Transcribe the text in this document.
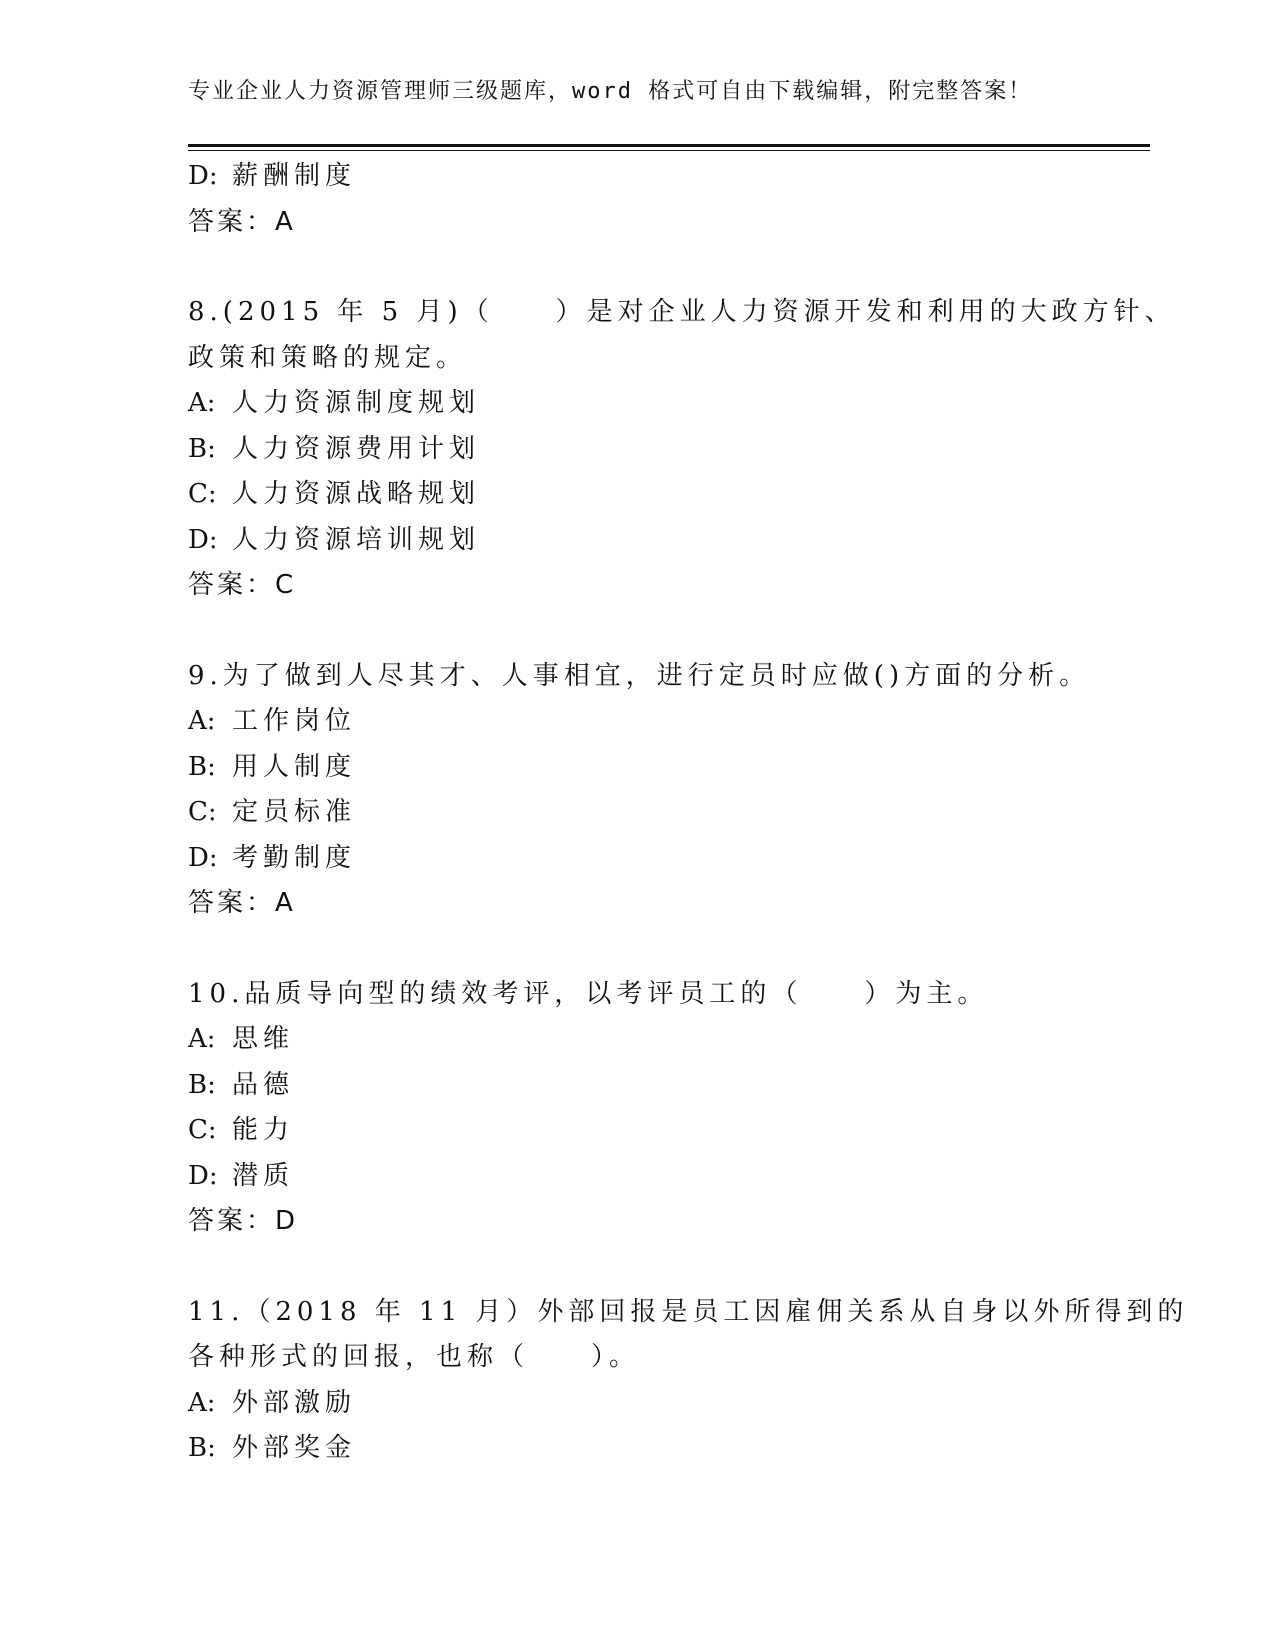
专业企业人力资源管理师三级题库，word 格式可自由下载编辑，附完整答案！
D: 薪酬制度
答案：A
8.(2015 年 5 月)（　　）是对企业人力资源开发和利用的大政方针、
政策和策略的规定。
A: 人力资源制度规划
B: 人力资源费用计划
C: 人力资源战略规划
D: 人力资源培训规划
答案：C
9.为了做到人尽其才、人事相宜，进行定员时应做()方面的分析。
A: 工作岗位
B: 用人制度
C: 定员标准
D: 考勤制度
答案：A
10.品质导向型的绩效考评，以考评员工的（　　）为主。
A: 思维
B: 品德
C: 能力
D: 潜质
答案：D
11.（2018 年 11 月）外部回报是员工因雇佣关系从自身以外所得到的
各种形式的回报，也称（　　）。
A: 外部激励
B: 外部奖金
